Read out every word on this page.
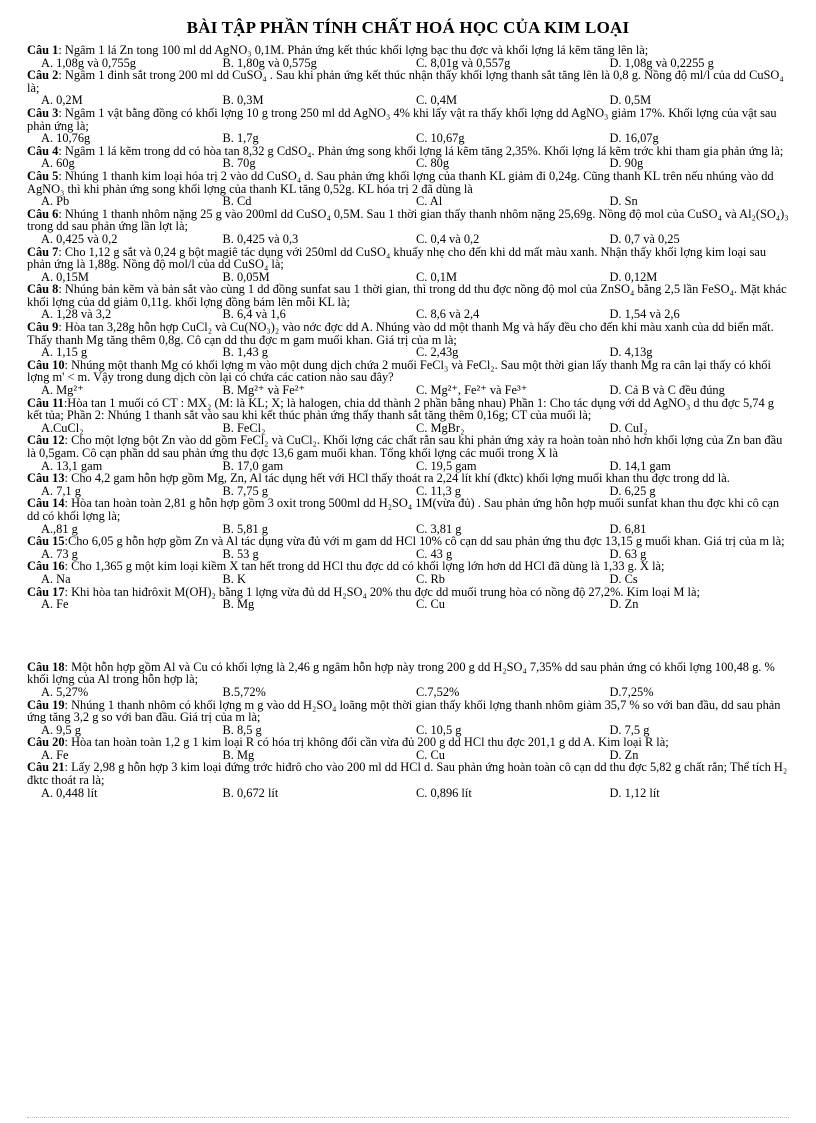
BÀI TẬP PHẦN TÍNH CHẤT HOÁ HỌC CỦA KIM LOẠI

Câu 1: Ngâm 1 lá Zn tong 100 ml dd AgNO₃ 0,1M. Phản ứng kết thúc khối lợng bạc thu đợc và khối lợng lá kẽm tăng lên là;

A. 1,08g và 0,755g	B. 1,80g và 0,575g	C. 8,01g và 0,557g	D. 1,08g và 0,2255 g

Câu 2: Ngâm 1 đinh sắt trong 200 ml dd CuSO₄ . Sau khi phản ứng kết thúc nhận thấy khối lợng thanh sắt tăng lên là 0,8 g. Nồng độ ml/l của dd CuSO₄ là;

A. 0,2M	B. 0,3M	C. 0,4M	D. 0,5M

Câu 3: Ngâm 1 vật bằng đồng có khối lợng 10 g trong 250 ml dd AgNO₃ 4% khi lấy vật ra thấy khối lợng dd AgNO₃ giảm 17%. Khối lợng của vật sau phản ứng là;

A. 10,76g	B. 1,7g	C. 10,67g	D. 16,07g

Câu 4: Ngâm 1 lá kẽm trong dd có hòa tan 8,32 g CdSO₄. Phản ứng song khối lợng lá kẽm tăng 2,35%. Khối lợng lá kẽm trớc khi tham gia phản ứng là;

A. 60g	B. 70g	C. 80g	D. 90g

Câu 5: Nhúng 1 thanh kim loại hóa trị 2 vào dd CuSO₄ d. Sau phản ứng khối lợng của thanh KL giảm đi 0,24g. Cũng thanh KL trên nếu nhúng vào dd AgNO₃ thì khi phản ứng song khối lợng của thanh KL tăng 0,52g. KL hóa trị 2 đã dùng là

A. Pb	B. Cd	C. Al	D. Sn

Câu 6: Nhúng 1 thanh nhôm nặng 25 g vào 200ml dd CuSO₄ 0,5M. Sau 1 thời gian thấy thanh nhôm nặng 25,69g. Nồng độ mol của CuSO₄ và Al₂(SO₄)₃ trong dd sau phản ứng lần lợt là;

A. 0,425 và 0,2	B. 0,425 và 0,3	C. 0,4 và 0,2	D. 0,7 và 0,25

Câu 7: Cho 1,12 g sắt và 0,24 g bột magiê tác dụng với 250ml dd CuSO₄ khuấy nhẹ cho đến khi dd mất màu xanh. Nhận thấy khối lợng kim loại sau phản ứng là 1,88g. Nồng độ mol/l của dd CuSO₄ là;

A. 0,15M	B. 0,05M	C. 0,1M	D. 0,12M

Câu 8: Nhúng bản kẽm và bản sắt vào cùng 1 dd đồng sunfat sau 1 thời gian, thì trong dd thu đợc nồng độ mol của ZnSO₄ bằng 2,5 lần FeSO₄. Mặt khác khối lợng của dd giảm 0,11g. khối lợng đồng bám lên mỗi KL là;

A. 1,28 và 3,2	B. 6,4 và 1,6	C. 8,6 và 2,4	D. 1,54 và 2,6

Câu 9: Hòa tan 3,28g hỗn hợp CuCl₂ và Cu(NO₃)₂ vào nớc đợc dd A. Nhúng vào dd một thanh Mg và hấy đều cho đến khi màu xanh của dd biến mất. Thấy thanh Mg tăng thêm 0,8g. Cô cạn dd thu đợc m gam muối khan. Giá trị của m là;

A. 1,15 g	B. 1,43 g	C. 2,43g	D. 4,13g

Câu 10: Nhúng một thanh Mg có khối lợng m vào một dung dịch chứa 2 muối FeCl₃ và FeCl₂. Sau một thời gian lấy thanh Mg ra cân lại thấy có khối lợng m' < m. Vậy trong dung dịch còn lại có chứa các cation nào sau đây?

A. Mg²⁺	B. Mg²⁺ và Fe²⁺	C. Mg²⁺, Fe²⁺ và Fe³⁺	D. Cả B và C đều đúng

Câu 11:Hòa tan 1 muối có CT : MX₂ (M: là KL; X; là halogen, chia dd thành 2 phần bằng nhau) Phần 1: Cho tác dụng với dd AgNO₃ d thu đợc 5,74 g kết tủa; Phần 2: Nhúng 1 thanh sắt vào sau khi kết thúc phản ứng thấy thanh sắt tăng thêm 0,16g; CT của muối là;

A.CuCl₂	B. FeCl₂	C. MgBr₂	D. CuI₂

Câu 12: Cho một lợng bột Zn vào dd gồm FeCl₂ và CuCl₂. Khối lợng các chất rắn sau khi phản ứng xảy ra hoàn toàn nhỏ hơn khối lợng của Zn ban đầu là 0,5gam. Cô cạn phần dd sau phản ứng thu đợc 13,6 gam muối khan. Tổng khối lợng các muối trong X là

A. 13,1 gam	B. 17,0 gam	C. 19,5 gam	D. 14,1 gam

Câu 13: Cho 4,2 gam hỗn hợp gồm Mg, Zn, Al tác dụng hết với HCl thấy thoát ra 2,24 lít khí (đktc) khối lợng muối khan thu đợc trong dd là.

A. 7,1 g	B. 7,75 g	C. 11,3 g	D. 6,25 g

Câu 14: Hòa tan hoàn toàn 2,81 g hỗn hợp gồm 3 oxit trong 500ml dd H₂SO₄ 1M(vừa đủ) . Sau phản ứng hỗn hợp muối sunfat khan thu đợc khi cô cạn dd có khối lợng là;

A.,81 g	B. 5,81 g	C. 3,81 g	D. 6,81

Câu 15:Cho 6,05 g hỗn hợp gồm Zn và Al tác dụng vừa đủ với m gam dd HCl 10% cô cạn dd sau phản ứng thu đợc 13,15 g muối khan. Giá trị của m là;

A. 73 g	B. 53 g	C. 43 g	D. 63 g

Câu 16: Cho 1,365 g một kim loại kiềm X tan hết trong dd HCl thu đợc dd có khối lợng lớn hơn dd HCl đã dùng là 1,33 g. X là;

A. Na	B. K	C. Rb	D. Cs

Câu 17: Khi hòa tan hiđrôxit M(OH)₂ bằng 1 lợng vừa đủ dd H₂SO₄ 20% thu đợc dd muối trung hòa có nồng độ 27,2%. Kim loại M là;

A. Fe	B. Mg	C. Cu	D. Zn

Câu 18: Một hỗn hợp gồm Al và Cu có khối lợng là 2,46 g ngâm hỗn hợp này trong 200 g dd H₂SO₄ 7,35% dd sau phản ứng có khối lợng 100,48 g. % khối lợng của Al trong hỗn hợp là;

A. 5,27%	B.5,72%	C.7,52%	D.7,25%

Câu 19: Nhúng 1 thanh nhôm có khối lợng m g vào dd H₂SO₄ loãng một thời gian thấy khối lợng thanh nhôm giảm 35,7 % so với ban đầu, dd sau phản ứng tăng 3,2 g so với ban đầu. Giá trị của m là;

A. 9,5 g	B. 8,5 g	C. 10,5 g	D. 7,5 g

Câu 20: Hòa tan hoàn toàn 1,2 g 1 kim loại R có hóa trị không đổi cần vừa đủ 200 g dd HCl thu đợc 201,1 g dd A. Kim loại R là;

A. Fe	B. Mg	C. Cu	D. Zn

Câu 21: Lấy 2,98 g hỗn hợp 3 kim loại đứng trớc hiđrô cho vào 200 ml dd HCl d. Sau phản ứng hoàn toàn cô cạn dd thu đợc 5,82 g chất rắn; Thể tích H₂ đktc thoát ra là;

A. 0,448 lít	B. 0,672 lít	C. 0,896 lít	D. 1,12 lít
